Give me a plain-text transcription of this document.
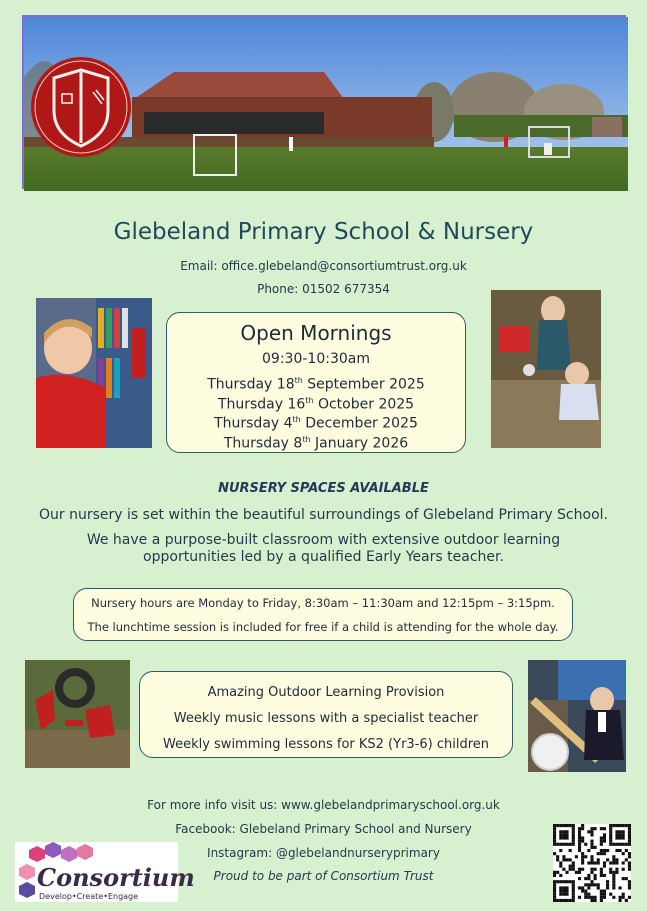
Glebeland Primary School & Nursery
Email: office.glebeland@consortiumtrust.org.uk
Phone: 01502 677354
Open Mornings
09:30-10:30am
Thursday 18th September 2025
Thursday 16th October 2025
Thursday 4th December 2025
Thursday 8th January 2026
NURSERY SPACES AVAILABLE
Our nursery is set within the beautiful surroundings of Glebeland Primary School.
We have a purpose-built classroom with extensive outdoor learning opportunities led by a qualified Early Years teacher.
Nursery hours are Monday to Friday, 8:30am – 11:30am and 12:15pm – 3:15pm.
The lunchtime session is included for free if a child is attending for the whole day.
Amazing Outdoor Learning Provision
Weekly music lessons with a specialist teacher
Weekly swimming lessons for KS2 (Yr3-6) children
For more info visit us: www.glebelandprimaryschool.org.uk
Facebook: Glebeland Primary School and Nursery
Instagram: @glebelandnurseryprimary
Proud to be part of Consortium Trust
Consortium
Develop•Create•Engage
